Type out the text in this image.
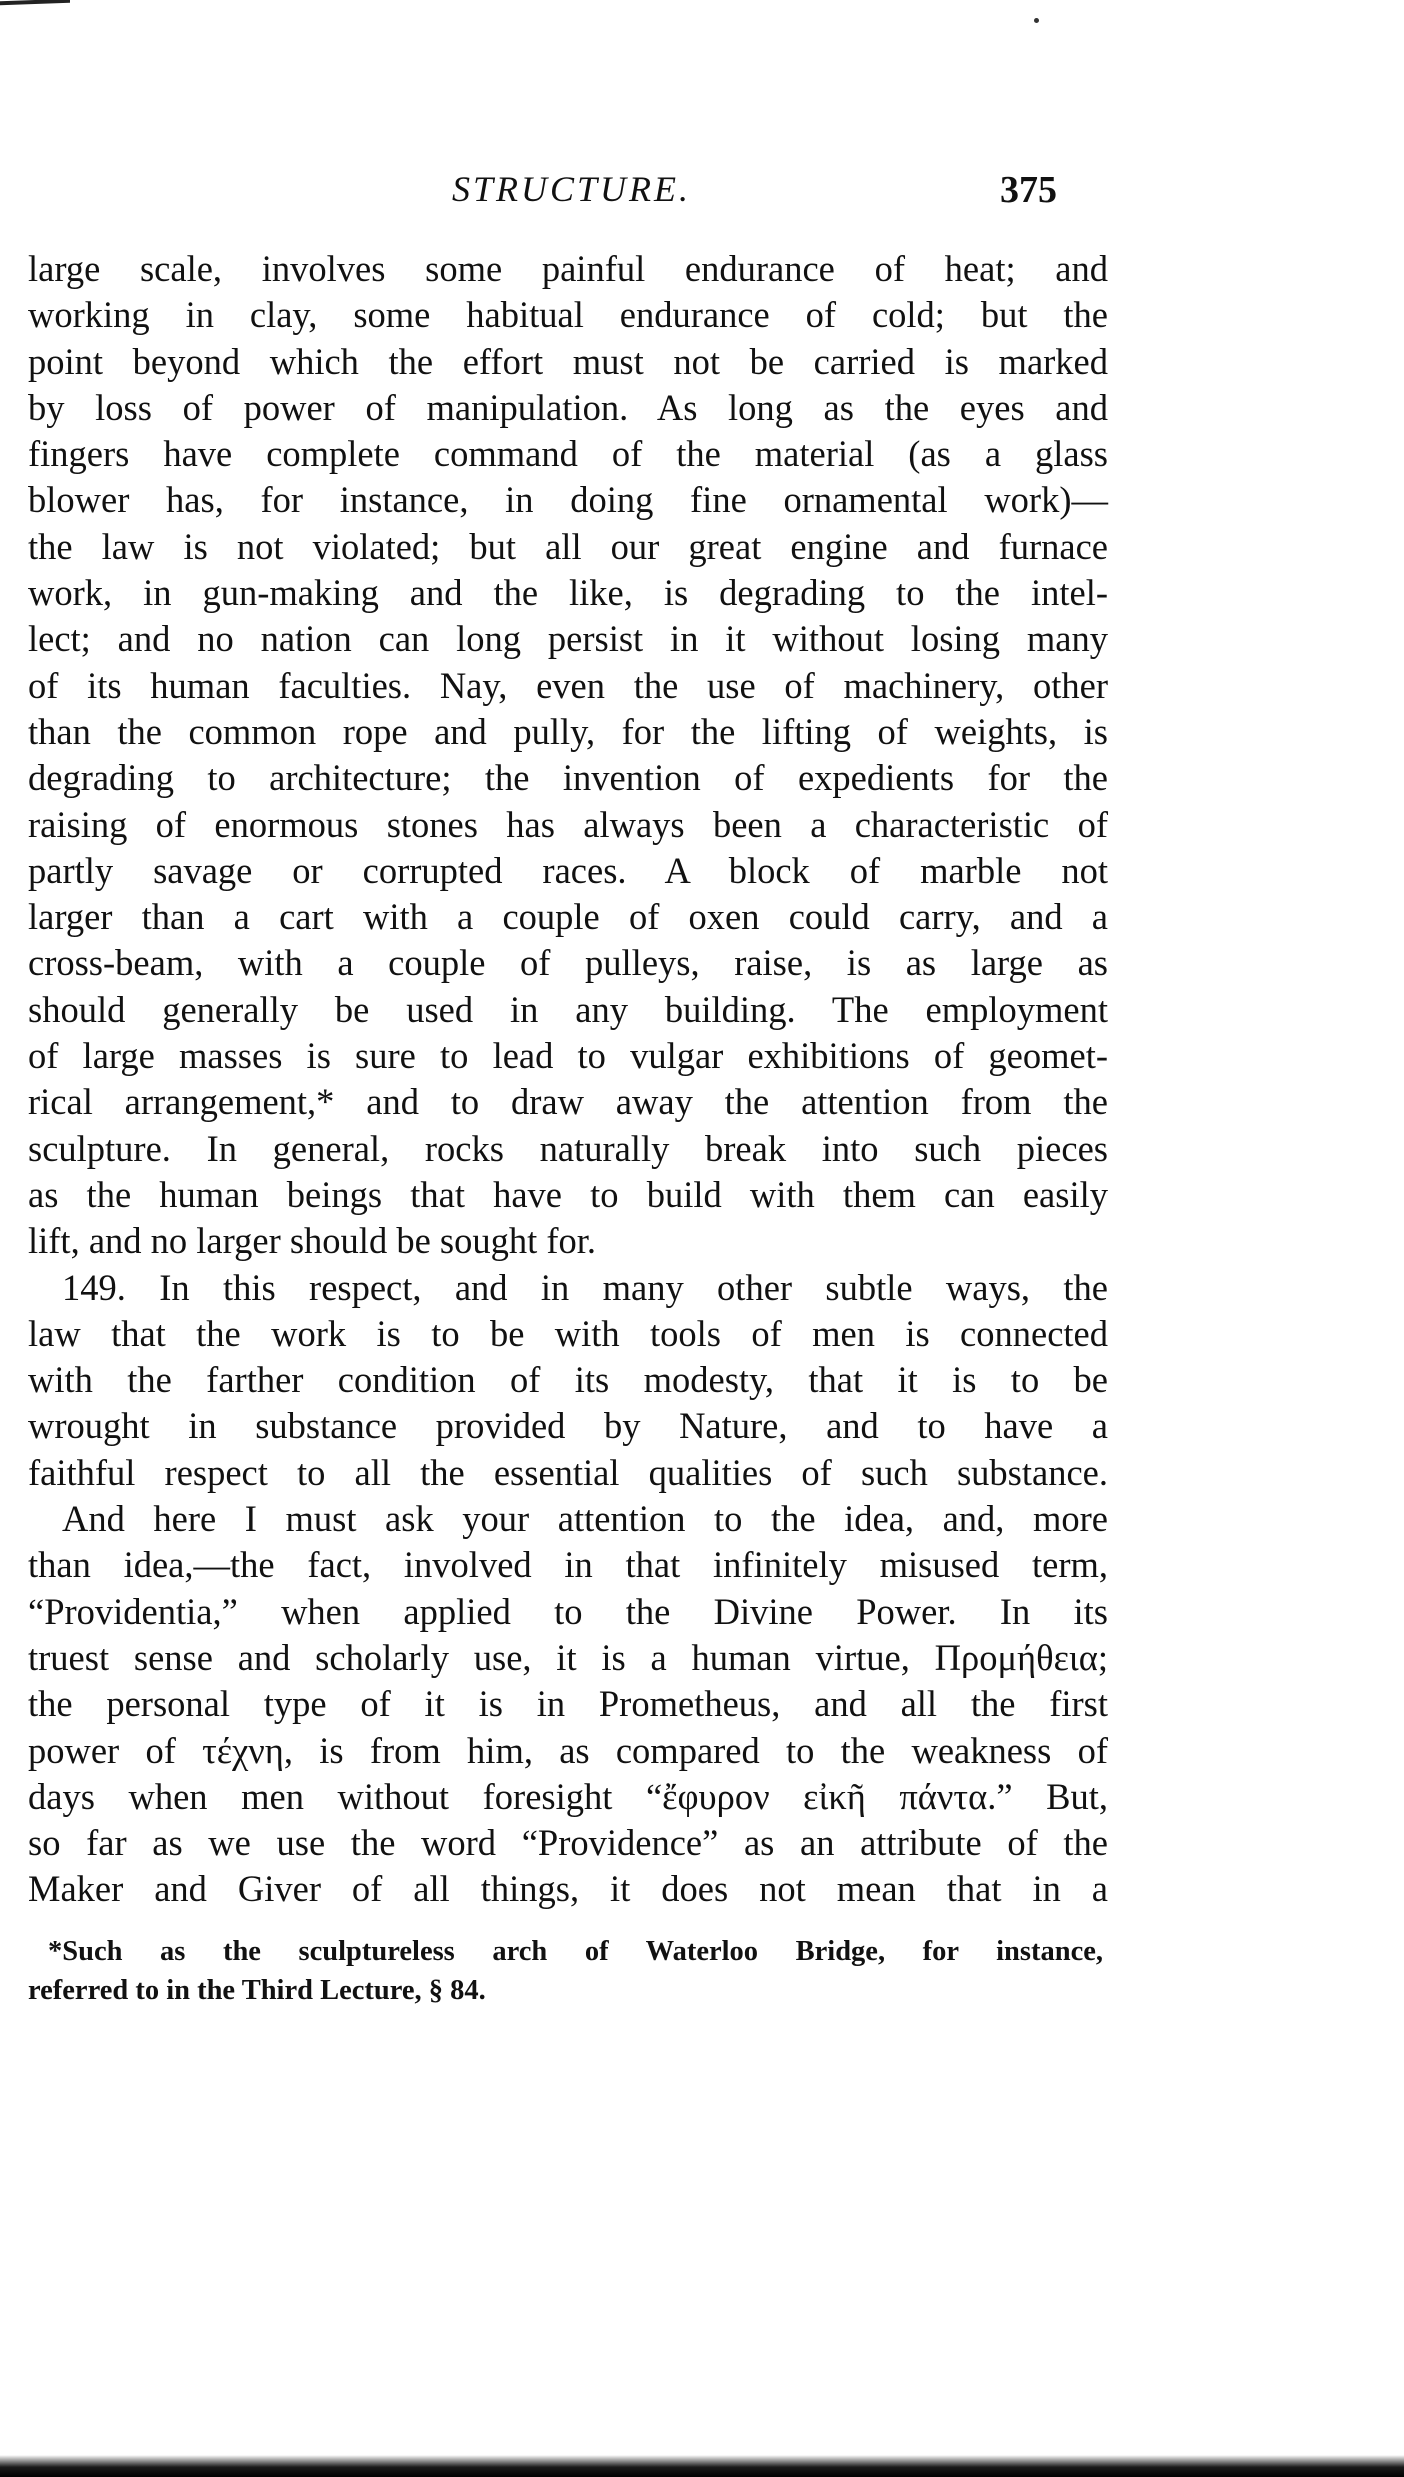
STRUCTURE.	375
large scale, involves some painful endurance of heat; and
working in clay, some habitual endurance of cold; but the
point beyond which the effort must not be carried is marked
by loss of power of manipulation. As long as the eyes and
fingers have complete command of the material (as a glass
blower has, for instance, in doing fine ornamental work)—
the law is not violated; but all our great engine and furnace
work, in gun-making and the like, is degrading to the intel-
lect; and no nation can long persist in it without losing many
of its human faculties. Nay, even the use of machinery, other
than the common rope and pully, for the lifting of weights, is
degrading to architecture; the invention of expedients for the
raising of enormous stones has always been a characteristic of
partly savage or corrupted races. A block of marble not
larger than a cart with a couple of oxen could carry, and a
cross-beam, with a couple of pulleys, raise, is as large as
should generally be used in any building. The employment
of large masses is sure to lead to vulgar exhibitions of geomet-
rical arrangement,* and to draw away the attention from the
sculpture. In general, rocks naturally break into such pieces
as the human beings that have to build with them can easily
lift, and no larger should be sought for.
149. In this respect, and in many other subtle ways, the
law that the work is to be with tools of men is connected
with the farther condition of its modesty, that it is to be
wrought in substance provided by Nature, and to have a
faithful respect to all the essential qualities of such substance.
And here I must ask your attention to the idea, and, more
than idea,—the fact, involved in that infinitely misused term,
“Providentia,” when applied to the Divine Power. In its
truest sense and scholarly use, it is a human virtue, Προμήθεια;
the personal type of it is in Prometheus, and all the first
power of τέχνη, is from him, as compared to the weakness of
days when men without foresight “ἔφυρον εἰκῆ πάντα.” But,
so far as we use the word “Providence” as an attribute of the
Maker and Giver of all things, it does not mean that in a
*Such as the sculptureless arch of Waterloo Bridge, for instance,
referred to in the Third Lecture, § 84.
